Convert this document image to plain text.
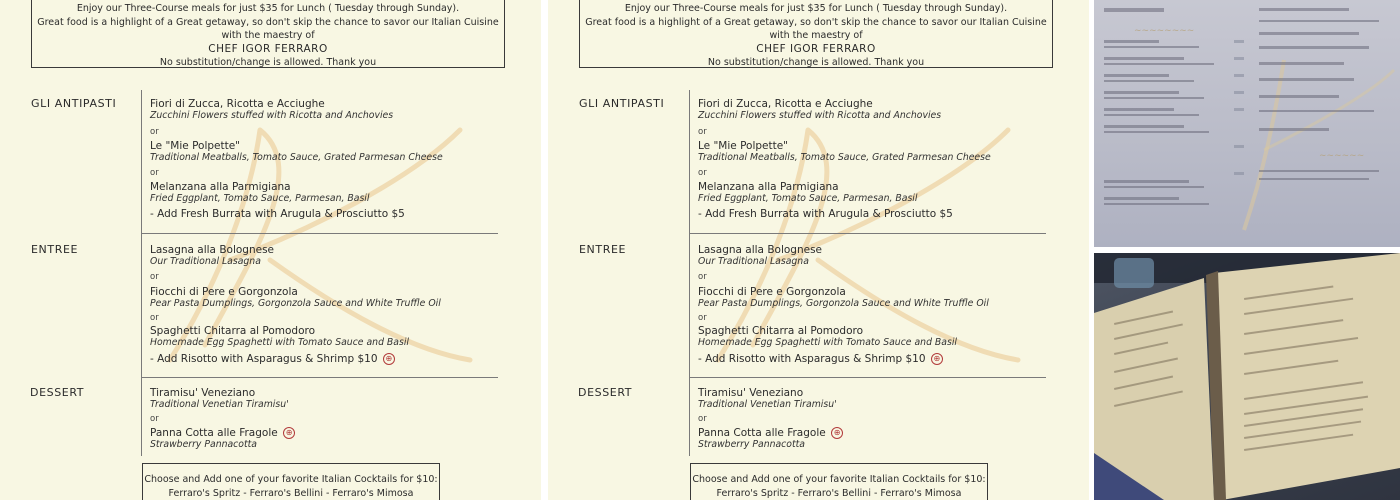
Enjoy our Three-Course meals for just $35 for Lunch ( Tuesday through Sunday).
Great food is a highlight of a Great getaway, so don't skip the chance to savor our Italian Cuisine with the maestry of
CHEF IGOR FERRARO
No substitution/change is allowed. Thank you
GLI ANTIPASTI	Fiori di Zucca, Ricotta e Acciughe
Zucchini Flowers stuffed with Ricotta and Anchovies
or
Le "Mie Polpette"
Traditional Meatballs, Tomato Sauce, Grated Parmesan Cheese
or
Melanzana alla Parmigiana
Fried Eggplant, Tomato Sauce, Parmesan, Basil
- Add Fresh Burrata with Arugula & Prosciutto $5
ENTREE	Lasagna alla Bolognese
Our Traditional Lasagna
or
Fiocchi di Pere e Gorgonzola
Pear Pasta Dumplings, Gorgonzola Sauce and White Truffle Oil
or
Spaghetti Chitarra al Pomodoro
Homemade Egg Spaghetti with Tomato Sauce and Basil
- Add Risotto with Asparagus & Shrimp $10 ⊕
DESSERT	Tiramisu' Veneziano
Traditional Venetian Tiramisu'
or
Panna Cotta alle Fragole ⊕
Strawberry Pannacotta
Choose and Add one of your favorite Italian Cocktails for $10:
Ferraro's Spritz - Ferraro's Bellini - Ferraro's Mimosa
Enjoy our Three-Course meals for just $35 for Lunch ( Tuesday through Sunday).
Great food is a highlight of a Great getaway, so don't skip the chance to savor our Italian Cuisine with the maestry of
CHEF IGOR FERRARO
No substitution/change is allowed. Thank you
GLI ANTIPASTI	Fiori di Zucca, Ricotta e Acciughe
Zucchini Flowers stuffed with Ricotta and Anchovies
or
Le "Mie Polpette"
Traditional Meatballs, Tomato Sauce, Grated Parmesan Cheese
or
Melanzana alla Parmigiana
Fried Eggplant, Tomato Sauce, Parmesan, Basil
- Add Fresh Burrata with Arugula & Prosciutto $5
ENTREE	Lasagna alla Bolognese
Our Traditional Lasagna
or
Fiocchi di Pere e Gorgonzola
Pear Pasta Dumplings, Gorgonzola Sauce and White Truffle Oil
or
Spaghetti Chitarra al Pomodoro
Homemade Egg Spaghetti with Tomato Sauce and Basil
- Add Risotto with Asparagus & Shrimp $10 ⊕
DESSERT	Tiramisu' Veneziano
Traditional Venetian Tiramisu'
or
Panna Cotta alle Fragole ⊕
Strawberry Pannacotta
Choose and Add one of your favorite Italian Cocktails for $10:
Ferraro's Spritz - Ferraro's Bellini - Ferraro's Mimosa
~~~~~~~~
~~~~~~
